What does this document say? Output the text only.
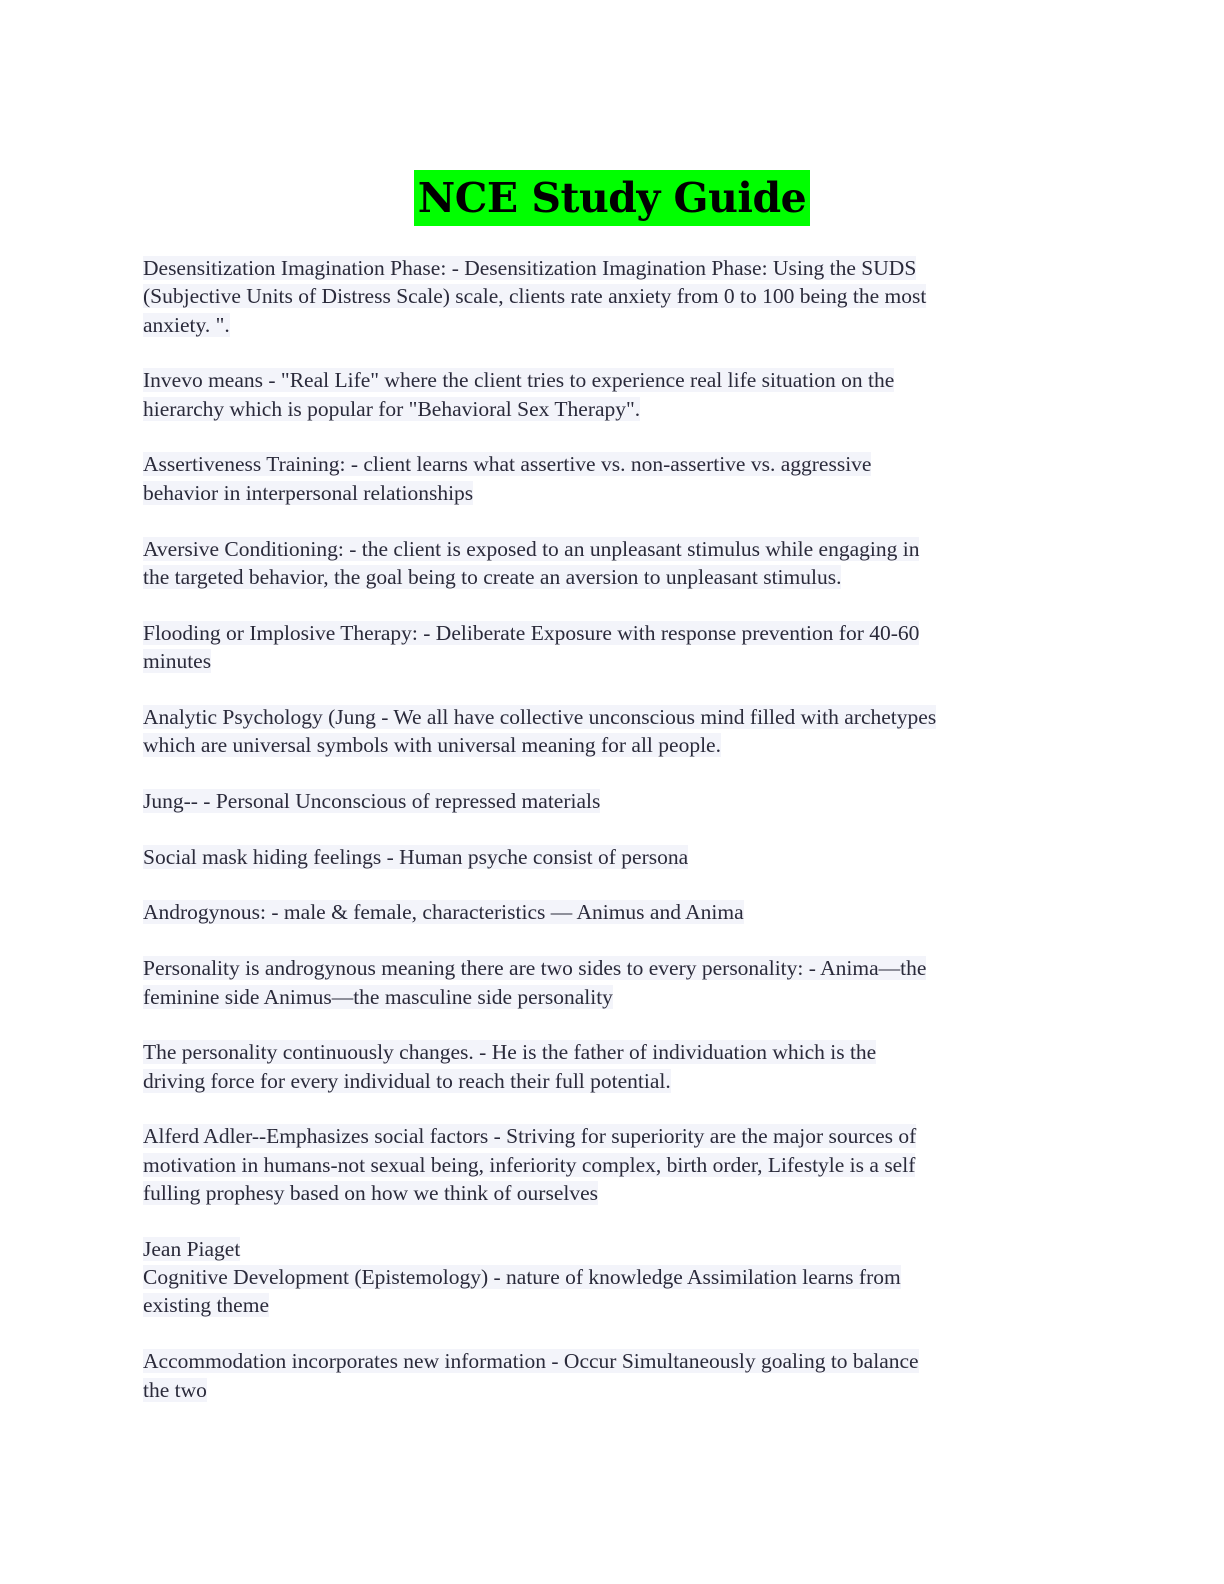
NCE Study Guide
Desensitization Imagination Phase: - Desensitization Imagination Phase: Using the SUDS
(Subjective Units of Distress Scale) scale, clients rate anxiety from 0 to 100 being the most
anxiety. ".
Invevo means - "Real Life" where the client tries to experience real life situation on the
hierarchy which is popular for "Behavioral Sex Therapy".
Assertiveness Training: - client learns what assertive vs. non-assertive vs. aggressive
behavior in interpersonal relationships
Aversive Conditioning: - the client is exposed to an unpleasant stimulus while engaging in
the targeted behavior, the goal being to create an aversion to unpleasant stimulus.
Flooding or Implosive Therapy: - Deliberate Exposure with response prevention for 40-60
minutes
Analytic Psychology (Jung - We all have collective unconscious mind filled with archetypes
which are universal symbols with universal meaning for all people.
Jung-- - Personal Unconscious of repressed materials
Social mask hiding feelings - Human psyche consist of persona
Androgynous: - male & female, characteristics — Animus and Anima
Personality is androgynous meaning there are two sides to every personality: - Anima—the
feminine side Animus—the masculine side personality
The personality continuously changes. - He is the father of individuation which is the
driving force for every individual to reach their full potential.
Alferd Adler--Emphasizes social factors - Striving for superiority are the major sources of
motivation in humans-not sexual being, inferiority complex, birth order, Lifestyle is a self
fulling prophesy based on how we think of ourselves
Jean Piaget
Cognitive Development (Epistemology) - nature of knowledge Assimilation learns from
existing theme
Accommodation incorporates new information - Occur Simultaneously goaling to balance
the two
